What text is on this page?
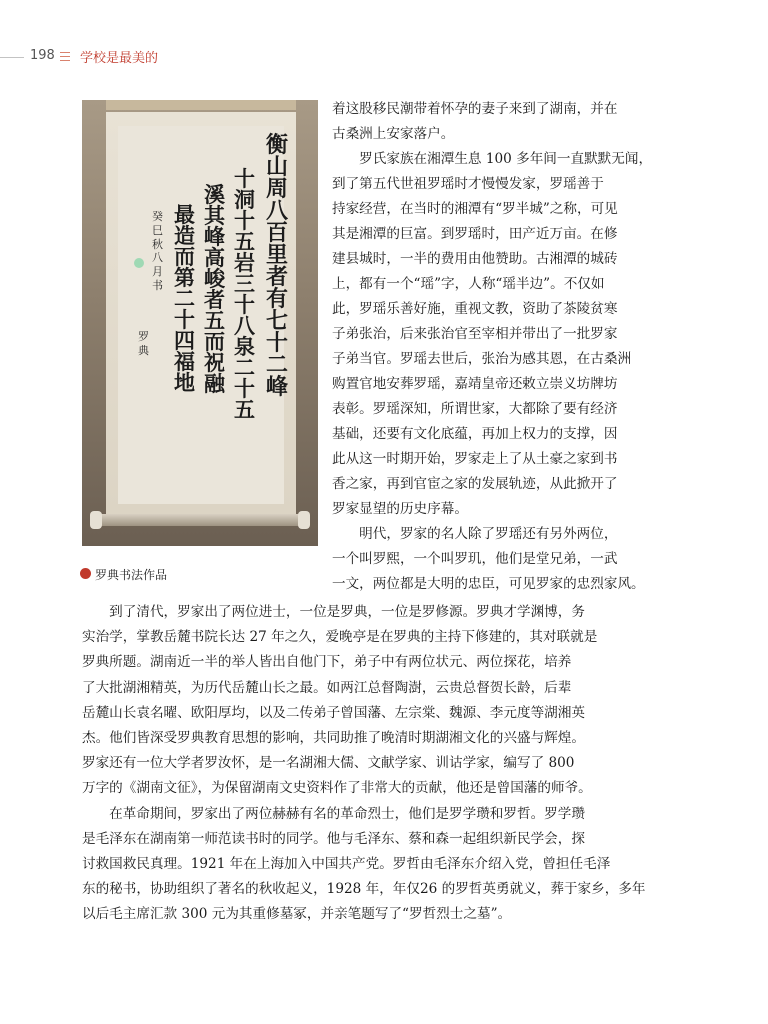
198 学校是最美的
衡
山
周
八
百
里
者
有
七
十
二
峰
十
洞
十
五
岩
三
十
八
泉
二
十
五
溪
其
峰
高
峻
者
五
而
祝
融
最
造
而
第
二
十
四
福
地
癸
巳
秋
八
月
书
罗
典
罗典书法作品
着这股移民潮带着怀孕的妻子来到了湖南，并在
古桑洲上安家落户。
　　罗氏家族在湘潭生息 100 多年间一直默默无闻，
到了第五代世祖罗瑶时才慢慢发家，罗瑶善于
持家经营，在当时的湘潭有“罗半城”之称，可见
其是湘潭的巨富。到罗瑶时，田产近万亩。在修
建县城时，一半的费用由他赞助。古湘潭的城砖
上，都有一个“瑶”字，人称“瑶半边”。不仅如
此，罗瑶乐善好施，重视文教，资助了茶陵贫寒
子弟张治，后来张治官至宰相并带出了一批罗家
子弟当官。罗瑶去世后，张治为感其恩，在古桑洲
购置官地安葬罗瑶，嘉靖皇帝还敕立崇义坊牌坊
表彰。罗瑶深知，所谓世家，大都除了要有经济
基础，还要有文化底蕴，再加上权力的支撑，因
此从这一时期开始，罗家走上了从土豪之家到书
香之家，再到官宦之家的发展轨迹，从此掀开了
罗家显望的历史序幕。
　　明代，罗家的名人除了罗瑶还有另外两位，
一个叫罗熙，一个叫罗玑，他们是堂兄弟，一武
一文，两位都是大明的忠臣，可见罗家的忠烈家风。
　　到了清代，罗家出了两位进士，一位是罗典，一位是罗修源。罗典才学渊博，务
实治学，掌教岳麓书院长达 27 年之久，爱晚亭是在罗典的主持下修建的，其对联就是
罗典所题。湖南近一半的举人皆出自他门下，弟子中有两位状元、两位探花，培养
了大批湖湘精英，为历代岳麓山长之最。如两江总督陶澍，云贵总督贺长龄，后辈
岳麓山长袁名曜、欧阳厚均，以及二传弟子曾国藩、左宗棠、魏源、李元度等湖湘英
杰。他们皆深受罗典教育思想的影响，共同助推了晚清时期湖湘文化的兴盛与辉煌。
罗家还有一位大学者罗汝怀，是一名湖湘大儒、文献学家、训诂学家，编写了 800
万字的《湖南文征》，为保留湖南文史资料作了非常大的贡献，他还是曾国藩的师爷。
　　在革命期间，罗家出了两位赫赫有名的革命烈士，他们是罗学瓒和罗哲。罗学瓒
是毛泽东在湖南第一师范读书时的同学。他与毛泽东、蔡和森一起组织新民学会，探
讨救国救民真理。1921 年在上海加入中国共产党。罗哲由毛泽东介绍入党，曾担任毛泽
东的秘书，协助组织了著名的秋收起义，1928 年，年仅26 的罗哲英勇就义，葬于家乡，多年
以后毛主席汇款 300 元为其重修墓冢，并亲笔题写了“罗哲烈士之墓”。
